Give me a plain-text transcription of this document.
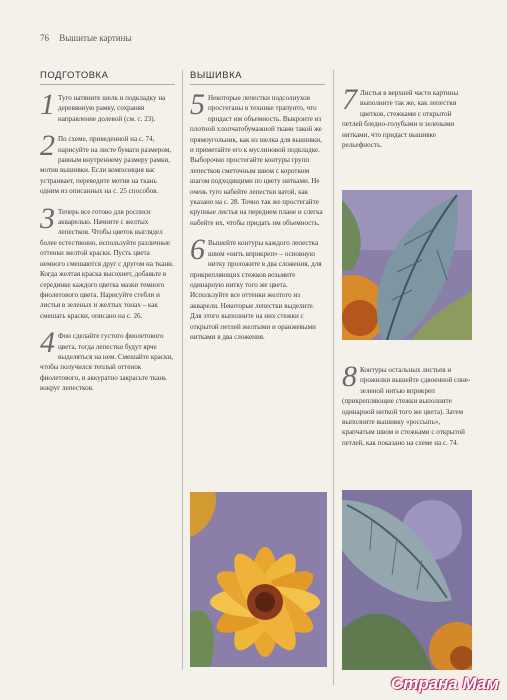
76 Вышитые картины
ПОДГОТОВКА
1 Туго натяните шелк и подкладку на деревянную рамку, сохраняя направление долевой (см. с. 23).
2 По схеме, приведенной на с. 74, нарисуйте на листе бумаги размером, равным внутреннему размеру рамки, мотив вышивки. Если композиция вас устраивает, переведите мотив на ткань одним из описанных на с. 25 способов.
3 Теперь все готово для росписи акварелью. Начните с желтых лепестков. Чтобы цветок выглядел более естественно, используйте различные оттенки желтой краски. Пусть цвета немного смешаются друг с другом на ткани. Когда желтая краска высохнет, добавьте в серединке каждого цветка мазки темного фиолетового цвета. Нарисуйте стебли и листья в зеленых и желтых тонах – как смешать краски, описано на с. 26.
4 Фон сделайте густого фиолетового цвета, тогда лепестки будут ярче выделяться на нем. Смешайте краски, чтобы получился теплый оттенок фиолетового, и аккуратно закрасьте ткань вокруг лепестков.
ВЫШИВКА
5 Некоторые лепестки подсолнухов простеганы в технике трапунто, что придаст им объемность. Выкроите из плотной хлопчатобумажной ткани такой же прямоугольник, как из шелка для вышивки, и приметайте его к муслиновой подкладке. Выборочно простегайте контуры групп лепестков сметочным швом с коротким шагом подходящими по цвету нитками. Не очень туго набейте лепестки ватой, как указано на с. 28. Точно так же простегайте крупные листья на переднем плане и слегка набейте их, чтобы придать им объемность.
6 Вышейте контуры каждого лепестка швом «нить вприкреп» – основную нитку проложите в два сложения, для прикрепляющих стежков возьмите одинарную нитку того же цвета. Используйте все оттенки желтого из акварели. Некоторые лепестки выделите. Для этого выполните на них стежки с открытой петлей желтыми и оранжевыми нитками в два сложения.
7 Листья в верхней части картины выполните так же, как лепестки цветков, стежками с открытой петлей бледно-голубыми и зелеными нитками, что придаст вышивке рельефность.
8 Контуры остальных листьев и прожилки вышейте сдвоенной сине-зеленой нитью вприкреп (прикрепляющие стежки выполните одинарной ниткой того же цвета). Затем выполните вышивку «россыпь», крапчатым швом и стежками с открытой петлей, как показано на схеме на с. 74.
Страна Мам
